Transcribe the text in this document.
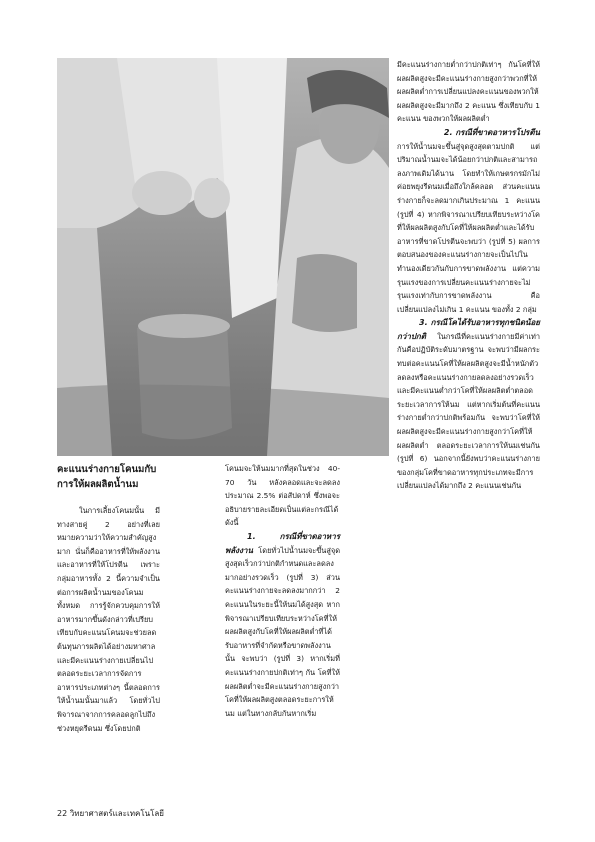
คะแนนร่างกายโคนมกับการให้ผลผลิตน้ำนม

ในการเลี้ยงโคนมนั้น มีทางสายคู่ 2 อย่างที่เลยหมายความว่าให้ความสำคัญสูงมาก นั่นก็คืออาหารที่ให้พลังงาน และอาหารที่ให้โปรตีน เพราะกลุ่มอาหารทั้ง 2 นี้ความจำเป็นต่อการผลิตน้ำนมของโคนมทั้งหมด การรู้จักควบคุมการให้อาหารมากขึ้นดังกล่าวที่เปรียบเทียบกับคะแนนโคนมจะช่วยลดต้นทุนการผลิตได้อย่างมหาศาล และมีคะแนนร่างกายเปลี่ยนไปตลอดระยะเวลาการจัดการอาหารประเภทต่างๆ นี้ตลอดการให้น้ำนมนั้นมาแล้ว โดยทั่วไปพิจารณาจากการคลอดลูกไปถึงช่วงหยุดรีดนม ซึ่งโดยปกติ

โคนมจะให้นมมากที่สุดในช่วง 40-70 วัน หลังคลอดและจะลดลงประมาณ 2.5% ต่อสัปดาห์ ซึ่งพอจะอธิบายรายละเอียดเป็นแต่ละกรณีได้ ดังนี้

1. กรณีที่ขาดอาหารพลังงาน โดยทั่วไปน้ำนมจะขึ้นสู่จุดสูงสุดเร็วกว่าปกติกำหนดและลดลงมากอย่างรวดเร็ว (รูปที่ 3) ส่วนคะแนนร่างกายจะลดลงมากกว่า 2 คะแนนในระยะนี้ให้นมได้สูงสุด หากพิจารณาเปรียบเทียบระหว่างโคที่ให้ผลผลิตสูงกับโคที่ให้ผลผลิตต่ำที่ได้รับอาหารที่จำกัดหรือขาดพลังงานนั้น จะพบว่า (รูปที่ 3) หากเริ่มที่คะแนนร่างกายปกติเท่าๆ กัน โคที่ให้ผลผลิตต่ำจะมีคะแนนร่างกายสูงกว่าโคที่ให้ผลผลิตสูงตลอดระยะการให้นม แต่ในทางกลับกันหากเริ่ม

มีคะแนนร่างกายต่ำกว่าปกติเท่าๆ กันโคที่ให้ผลผลิตสูงจะมีคะแนนร่างกายสูงกว่าพวกที่ให้ผลผลิตต่ำการเปลี่ยนแปลงคะแนนของพวกให้ผลผลิตสูงจะมีมากถึง 2 คะแนน ซึ่งเทียบกับ 1 คะแนน ของพวกให้ผลผลิตต่ำ

2. กรณีที่ขาดอาหารโปรตีน

การให้น้ำนมจะขึ้นสู่จุดสูงสุดตามปกติ แต่ปริมาณน้ำนมจะได้น้อยกว่าปกติและสามารถลงภาพเดิมได้นาน โดยทำให้เกษตรกรมักไม่ค่อยพยุงรีดนมเมื่อถึงใกล้คลอด ส่วนคะแนนร่างกายก็จะลดมากเกินประมาณ 1 คะแนน (รูปที่ 4) หากพิจารณาเปรียบเทียบระหว่างโคที่ให้ผลผลิตสูงกับโคที่ให้ผลผลิตต่ำและได้รับอาหารที่ขาดโปรตีนจะพบว่า (รูปที่ 5) ผลการตอบสนองของคะแนนร่างกายจะเป็นไปในทำนองเดียวกันกับการขาดพลังงาน แต่ความรุนแรงของการเปลี่ยนคะแนนร่างกายจะไม่รุนแรงเท่ากับการขาดพลังงาน คือเปลี่ยนแปลงไม่เกิน 1 คะแนน ของทั้ง 2 กลุ่ม

3. กรณีโคได้รับอาหารทุกชนิดน้อยกว่าปกติ ในกรณีที่คะแนนร่างกายมีค่าเท่ากันคือปฏิบัติระดับมาตรฐาน จะพบว่ามีผลกระทบต่อคะแนนโคที่ให้ผลผลิตสูงจะมีน้ำหนักตัวลดลงหรือคะแนนร่างกายลดลงอย่างรวดเร็ว และมีคะแนนต่ำกว่าโคที่ให้ผลผลิตต่ำตลอดระยะเวลาการให้นม แต่หากเริ่มต้นที่คะแนนร่างกายต่ำกว่าปกติพร้อมกัน จะพบว่าโคที่ให้ผลผลิตสูงจะมีคะแนนร่างกายสูงกว่าโคที่ให้ผลผลิตต่ำ ตลอดระยะเวลาการให้นมเช่นกัน (รูปที่ 6) นอกจากนี้ยังพบว่าคะแนนร่างกายของกลุ่มโคที่ขาดอาหารทุกประเภทจะมีการเปลี่ยนแปลงได้มากถึง 2 คะแนนเช่นกัน

22 วิทยาศาสตร์และเทคโนโลยี
